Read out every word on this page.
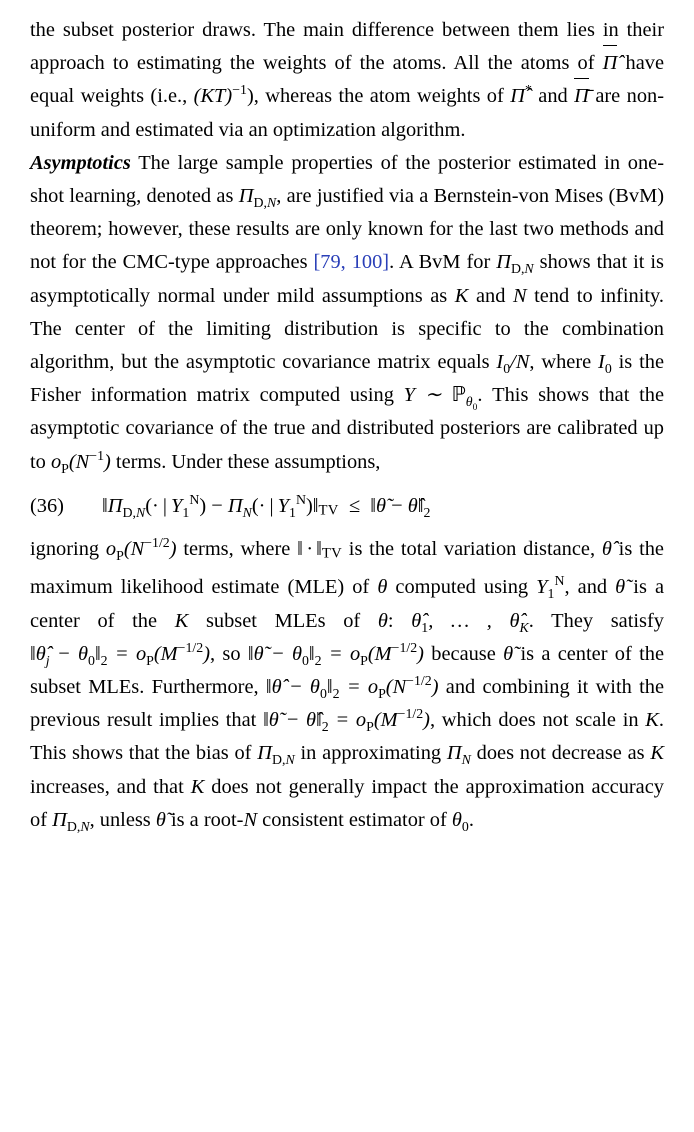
the subset posterior draws. The main difference between them lies in their approach to estimating the weights of the atoms. All the atoms of Π̂ have equal weights (i.e., (KT)$^{-1}$), whereas the atom weights of Π̂* and Π̄ are non-uniform and estimated via an optimization algorithm.

Asymptotics The large sample properties of the posterior estimated in one-shot learning, denoted as $\Pi_{D,N}$, are justified via a Bernstein-von Mises (BvM) theorem; however, these results are only known for the last two methods and not for the CMC-type approaches [79, 100]. A BvM for $\Pi_{D,N}$ shows that it is asymptotically normal under mild assumptions as K and N tend to infinity. The center of the limiting distribution is specific to the combination algorithm, but the asymptotic covariance matrix equals $I_0/N$, where $I_0$ is the Fisher information matrix computed using Y ∼ ℙ$_{\theta_0}$. This shows that the asymptotic covariance of the true and distributed posteriors are calibrated up to $o_P(N^{-1})$ terms. Under these assumptions,

(36)	$‖\Pi_{D,N}(\cdot$ | $Y_1^N) - \Pi_N(\cdot$ | $Y_1^N)‖TV$  ≤  ‖θ̃ − $\thetâ‖_2$

ignoring $o_P(N^{-1/2})$ terms, where ‖ · ‖TV is the total variation distance, θ̂ is the maximum likelihood estimate (MLE) of θ computed using $Y_1^N$, and θ̃ is a center of the K subset MLEs of θ: $\thetâ_1$, … , $\thetâ_K$. They satisfy $‖\thetâ_j$ − $\theta_0‖_2 = o_P(M^{-1/2})$, so ‖θ̃ − $\theta_0‖_2 = o_P(M^{-1/2})$ because θ̃ is a center of the subset MLEs. Furthermore, ‖θ̂ − $\theta_0‖_2 = o_P(N^{-1/2})$ and combining it with the previous result implies that ‖θ̃ − $\thetâ‖_2 = o_P(M^{-1/2})$, which does not scale in K. This shows that the bias of $\Pi_{D,N}$ in approximating $\Pi_N$ does not decrease as K increases, and that K does not generally impact the approximation accuracy of $\Pi_{D,N}$, unless θ̃ is a root-N consistent estimator of $\theta_0$.
